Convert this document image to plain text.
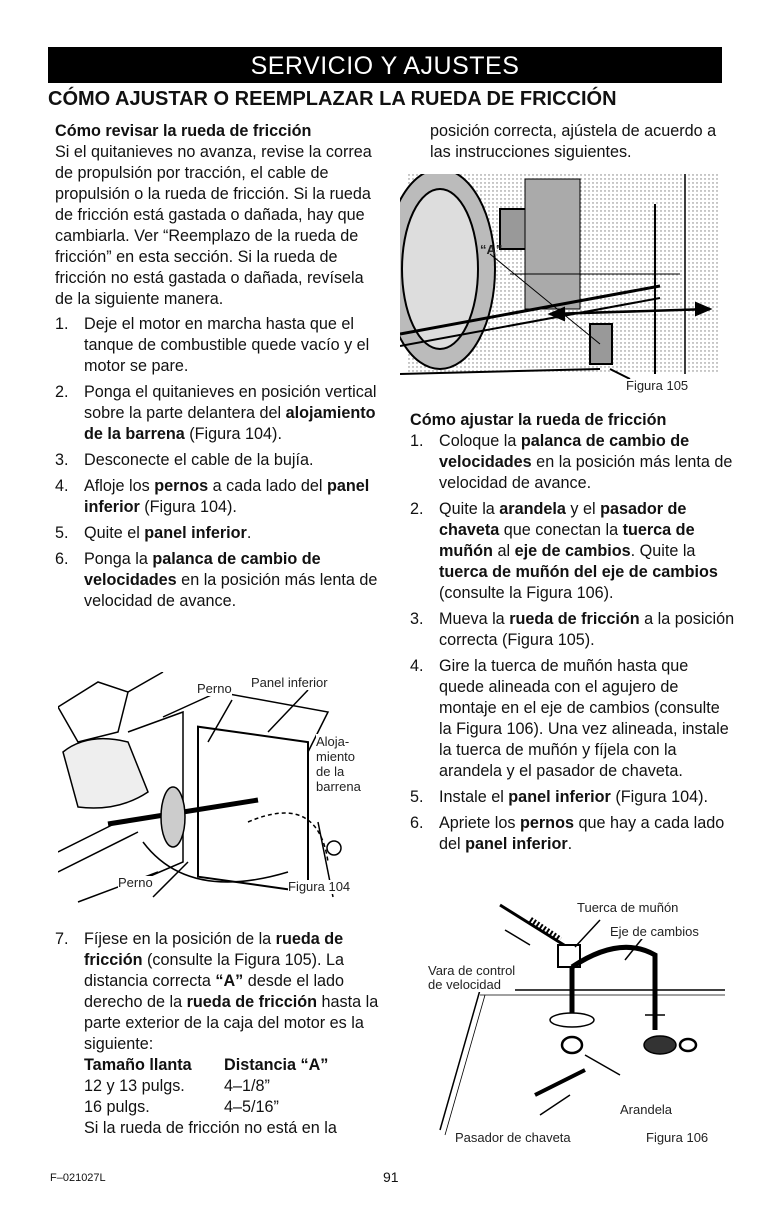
SERVICIO Y AJUSTES
CÓMO AJUSTAR O REEMPLAZAR LA RUEDA DE FRICCIÓN

Cómo revisar la rueda de fricción

Si el quitanieves no avanza, revise la correa de propulsión por tracción, el cable de propulsión o la rueda de fricción. Si la rueda de fricción está gastada o dañada, hay que cambiarla. Ver “Reemplazo de la rueda de fricción” en esta sección. Si la rueda de fricción no está gastada o dañada, revísela de la siguiente manera.

1. Deje el motor en marcha hasta que el tanque de combustible quede vacío y el motor se pare.
2. Ponga el quitanieves en posición vertical sobre la parte delantera del alojamiento de la barrena (Figura 104).
3. Desconecte el cable de la bujía.
4. Afloje los pernos a cada lado del panel inferior (Figura 104).
5. Quite el panel inferior.
6. Ponga la palanca de cambio de velocidades en la posición más lenta de velocidad de avance.
Perno Panel inferior
Aloja-
miento
de la
barrena
Perno	Figura 104
7. Fíjese en la posición de la rueda de fricción (consulte la Figura 105). La distancia correcta “A” desde el lado derecho de la rueda de fricción hasta la parte exterior de la caja del motor es la siguiente:
Tamaño llanta	Distancia “A”
12 y 13 pulgs.	4–1/8”
16 pulgs.	4–5/16”

Si la rueda de fricción no está en la

posición correcta, ajústela de acuerdo a las instrucciones siguientes.

“A”
Figura 105

Cómo ajustar la rueda de fricción

1. Coloque la palanca de cambio de velocidades en la posición más lenta de velocidad de avance.
2. Quite la arandela y el pasador de chaveta que conectan la tuerca de muñón al eje de cambios. Quite la tuerca de muñón del eje de cambios (consulte la Figura 106).
3. Mueva la rueda de fricción a la posición correcta (Figura 105).
4. Gire la tuerca de muñón hasta que quede alineada con el agujero de montaje en el eje de cambios (consulte la Figura 106). Una vez alineada, instale la tuerca de muñón y fíjela con la arandela y el pasador de chaveta.
5. Instale el panel inferior (Figura 104).
6. Apriete los pernos que hay a cada lado del panel inferior.
Tuerca de muñón
Eje de cambios
Vara de control
de velocidad
Arandela
Pasador de chaveta	Figura 106
F–021027L	91
